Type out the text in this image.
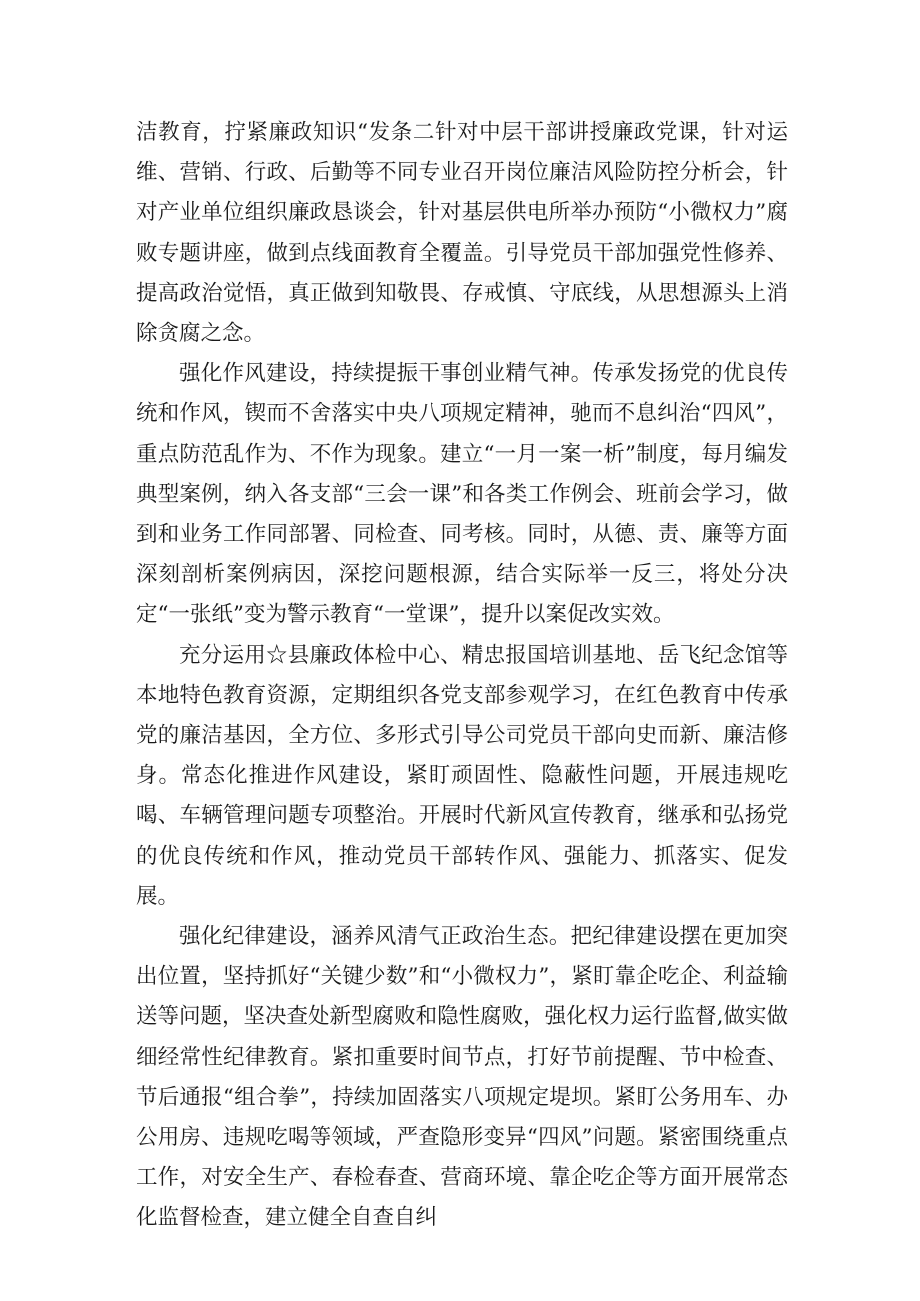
洁教育，拧紧廉政知识“发条二针对中层干部讲授廉政党课，针对运维、营销、行政、后勤等不同专业召开岗位廉洁风险防控分析会，针对产业单位组织廉政恳谈会，针对基层供电所举办预防“小微权力”腐败专题讲座，做到点线面教育全覆盖。引导党员干部加强党性修养、提高政治觉悟，真正做到知敬畏、存戒慎、守底线，从思想源头上消除贪腐之念。

强化作风建设，持续提振干事创业精气神。传承发扬党的优良传统和作风，锲而不舍落实中央八项规定精神，驰而不息纠治“四风”，重点防范乱作为、不作为现象。建立“一月一案一析”制度，每月编发典型案例，纳入各支部“三会一课”和各类工作例会、班前会学习，做到和业务工作同部署、同检查、同考核。同时，从德、责、廉等方面深刻剖析案例病因，深挖问题根源，结合实际举一反三，将处分决定“一张纸”变为警示教育“一堂课”，提升以案促改实效。

充分运用☆县廉政体检中心、精忠报国培训基地、岳飞纪念馆等本地特色教育资源，定期组织各党支部参观学习，在红色教育中传承党的廉洁基因，全方位、多形式引导公司党员干部向史而新、廉洁修身。常态化推进作风建设，紧盯顽固性、隐蔽性问题，开展违规吃喝、车辆管理问题专项整治。开展时代新风宣传教育，继承和弘扬党的优良传统和作风，推动党员干部转作风、强能力、抓落实、促发展。

强化纪律建设，涵养风清气正政治生态。把纪律建设摆在更加突出位置，坚持抓好“关键少数”和“小微权力”，紧盯靠企吃企、利益输送等问题，坚决查处新型腐败和隐性腐败，强化权力运行监督,做实做细经常性纪律教育。紧扣重要时间节点，打好节前提醒、节中检查、节后通报“组合拳”，持续加固落实八项规定堤坝。紧盯公务用车、办公用房、违规吃喝等领域，严查隐形变异“四风”问题。紧密围绕重点工作，对安全生产、春检春查、营商环境、靠企吃企等方面开展常态化监督检查，建立健全自查自纠
